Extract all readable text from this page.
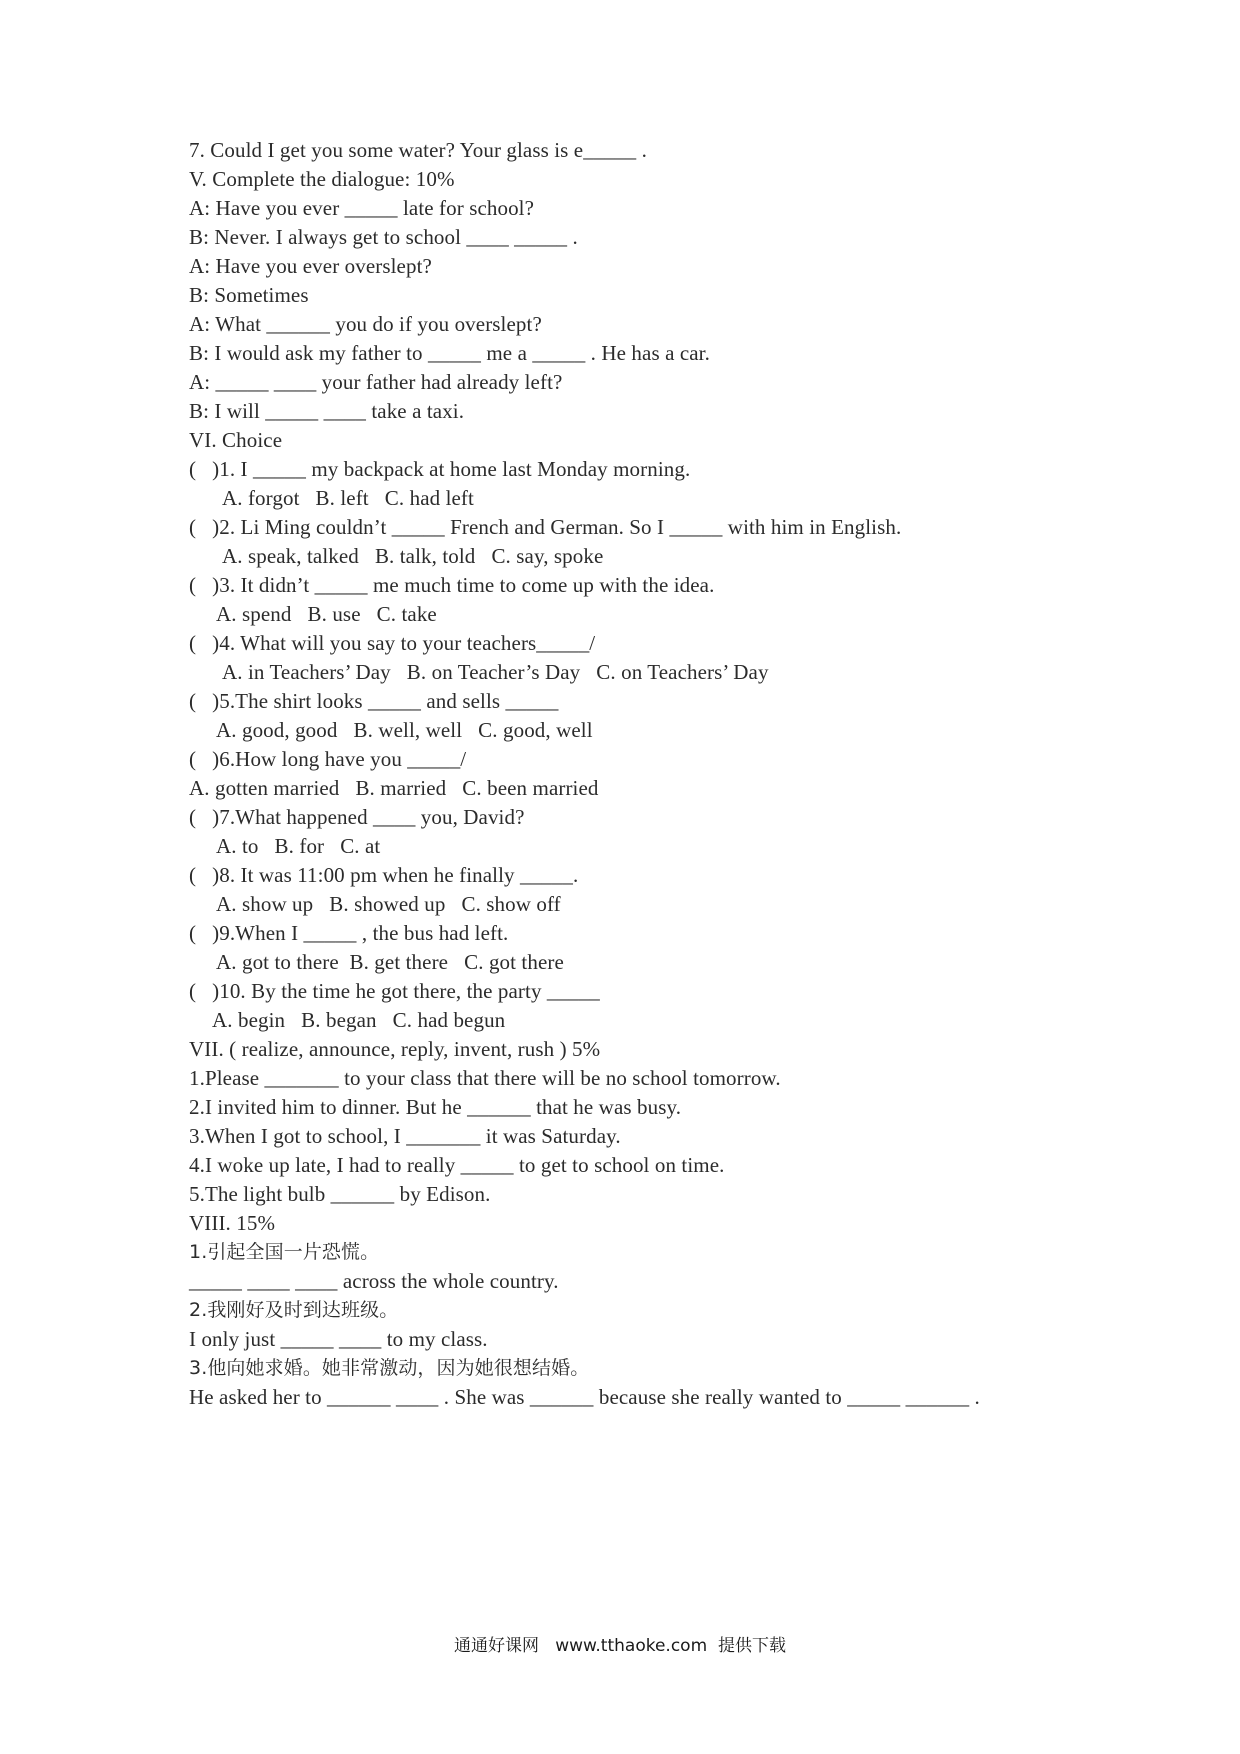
7. Could I get you some water? Your glass is e_____ .
V. Complete the dialogue: 10%
A: Have you ever _____ late for school?
B: Never. I always get to school ____ _____ .
A: Have you ever overslept?
B: Sometimes
A: What ______ you do if you overslept?
B: I would ask my father to _____ me a _____ . He has a car.
A: _____ ____ your father had already left?
B: I will _____ ____ take a taxi.
VI. Choice
(   )1. I _____ my backpack at home last Monday morning.
A. forgot   B. left   C. had left
(   )2. Li Ming couldn’t _____ French and German. So I _____ with him in English.
A. speak, talked   B. talk, told   C. say, spoke
(   )3. It didn’t _____ me much time to come up with the idea.
A. spend   B. use   C. take
(   )4. What will you say to your teachers_____/
A. in Teachers’ Day   B. on Teacher’s Day   C. on Teachers’ Day
(   )5.The shirt looks _____ and sells _____
A. good, good   B. well, well   C. good, well
(   )6.How long have you _____/
A. gotten married   B. married   C. been married
(   )7.What happened ____ you, David?
A. to   B. for   C. at
(   )8. It was 11:00 pm when he finally _____.
A. show up   B. showed up   C. show off
(   )9.When I _____ , the bus had left.
A. got to there  B. get there   C. got there
(   )10. By the time he got there, the party _____
A. begin   B. began   C. had begun
VII. ( realize, announce, reply, invent, rush ) 5%
1.Please _______ to your class that there will be no school tomorrow.
2.I invited him to dinner. But he ______ that he was busy.
3.When I got to school, I _______ it was Saturday.
4.I woke up late, I had to really _____ to get to school on time.
5.The light bulb ______ by Edison.
VIII. 15%
1.引起全国一片恐慌。
_____ ____ ____ across the whole country.
2.我刚好及时到达班级。
I only just _____ ____ to my class.
3.他向她求婚。她非常激动，因为她很想结婚。
He asked her to ______ ____ . She was ______ because she really wanted to _____ ______ .
通通好课网   www.tthaoke.com  提供下载
